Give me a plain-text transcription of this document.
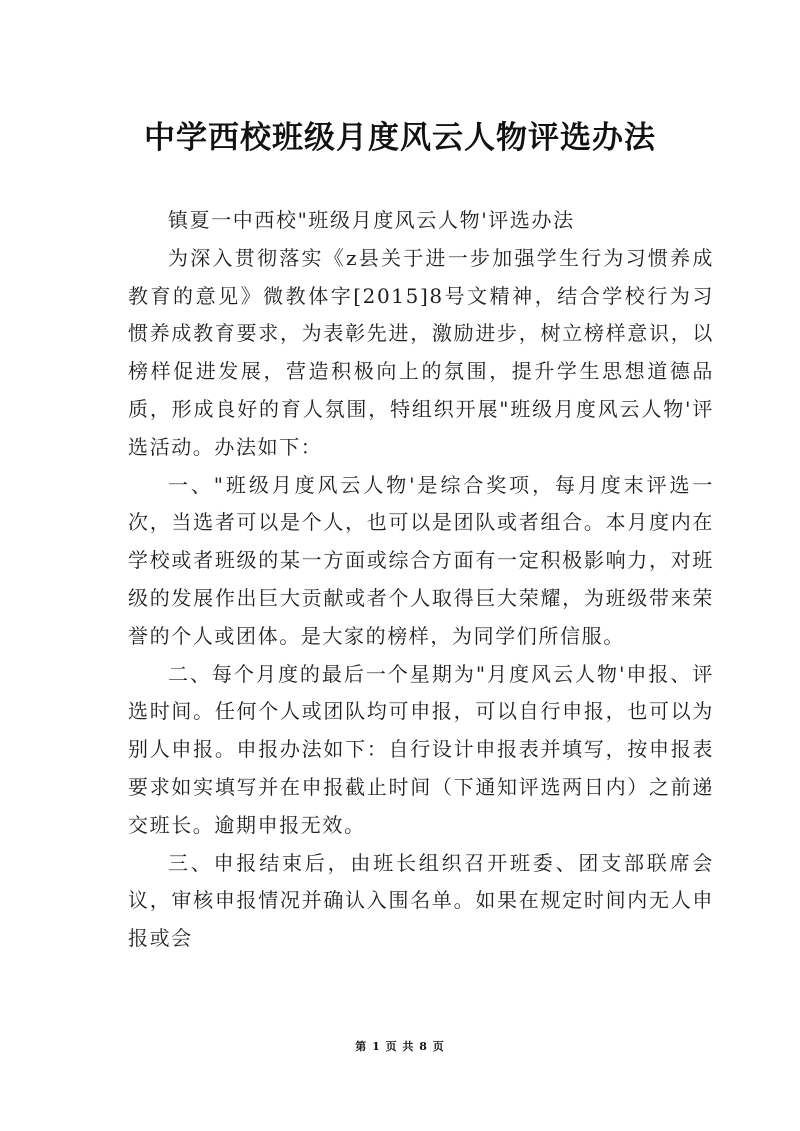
中学西校班级月度风云人物评选办法

镇夏一中西校"班级月度风云人物'评选办法

为深入贯彻落实《z县关于进一步加强学生行为习惯养成教育的意见》微教体字[2015]8号文精神，结合学校行为习惯养成教育要求，为表彰先进，激励进步，树立榜样意识，以榜样促进发展，营造积极向上的氛围，提升学生思想道德品质，形成良好的育人氛围，特组织开展"班级月度风云人物'评选活动。办法如下：

一、"班级月度风云人物'是综合奖项，每月度末评选一次，当选者可以是个人，也可以是团队或者组合。本月度内在学校或者班级的某一方面或综合方面有一定积极影响力，对班级的发展作出巨大贡献或者个人取得巨大荣耀，为班级带来荣誉的个人或团体。是大家的榜样，为同学们所信服。

二、每个月度的最后一个星期为"月度风云人物'申报、评选时间。任何个人或团队均可申报，可以自行申报，也可以为别人申报。申报办法如下：自行设计申报表并填写，按申报表要求如实填写并在申报截止时间（下通知评选两日内）之前递交班长。逾期申报无效。

三、申报结束后，由班长组织召开班委、团支部联席会议，审核申报情况并确认入围名单。如果在规定时间内无人申报或会

第 1 页 共 8 页
